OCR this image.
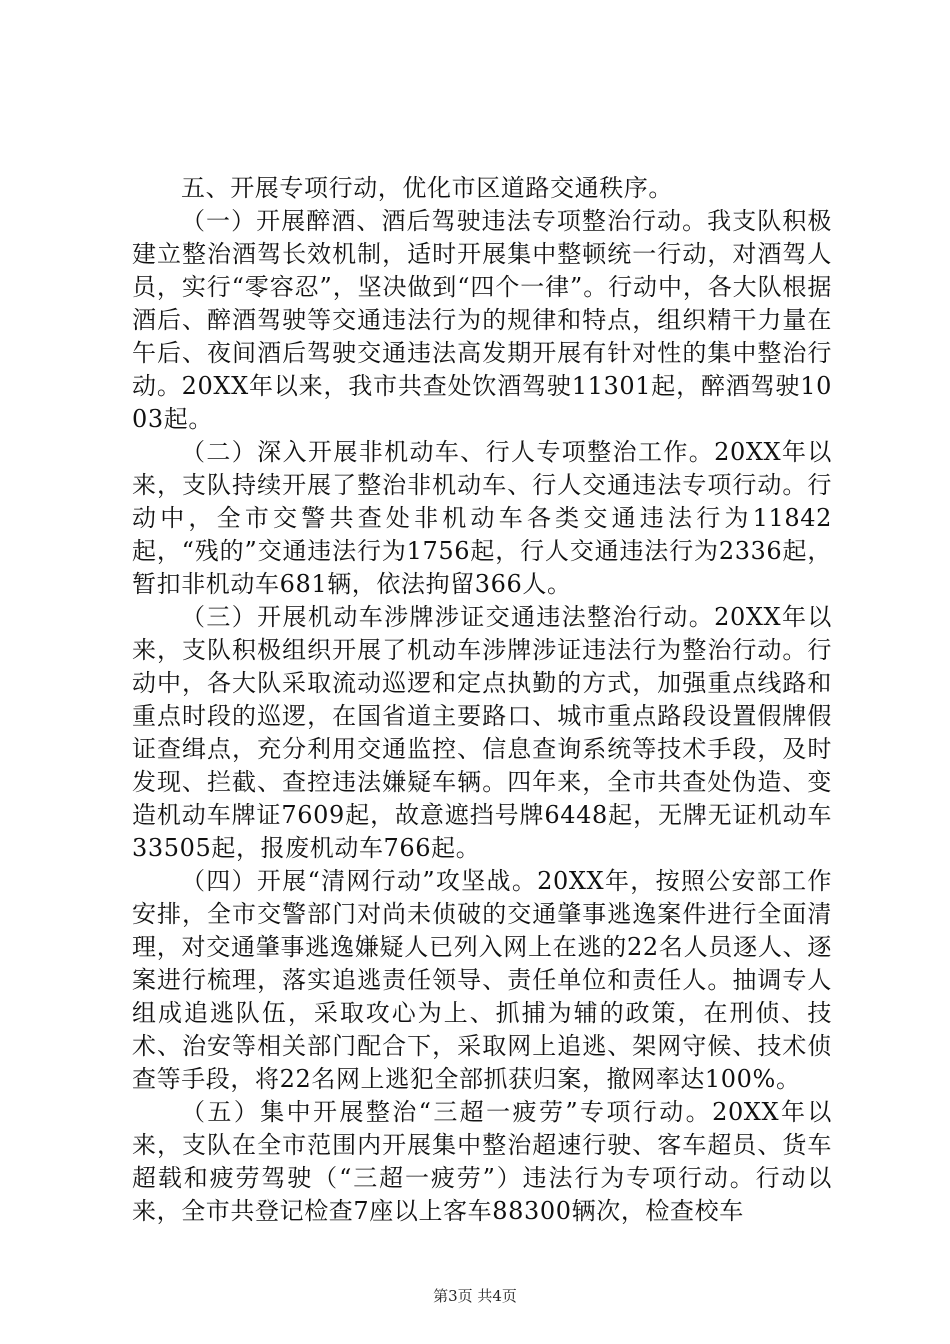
五、开展专项行动，优化市区道路交通秩序。

（一）开展醉酒、酒后驾驶违法专项整治行动。我支队积极建立整治酒驾长效机制，适时开展集中整顿统一行动，对酒驾人员，实行“零容忍”，坚决做到“四个一律”。行动中，各大队根据酒后、醉酒驾驶等交通违法行为的规律和特点，组织精干力量在午后、夜间酒后驾驶交通违法高发期开展有针对性的集中整治行动。20XX年以来，我市共查处饮酒驾驶11301起，醉酒驾驶1003起。

（二）深入开展非机动车、行人专项整治工作。20XX年以来，支队持续开展了整治非机动车、行人交通违法专项行动。行动中，全市交警共查处非机动车各类交通违法行为11842起，“残的”交通违法行为1756起，行人交通违法行为2336起，暂扣非机动车681辆，依法拘留366人。

（三）开展机动车涉牌涉证交通违法整治行动。20XX年以来，支队积极组织开展了机动车涉牌涉证违法行为整治行动。行动中，各大队采取流动巡逻和定点执勤的方式，加强重点线路和重点时段的巡逻，在国省道主要路口、城市重点路段设置假牌假证查缉点，充分利用交通监控、信息查询系统等技术手段，及时发现、拦截、查控违法嫌疑车辆。四年来，全市共查处伪造、变造机动车牌证7609起，故意遮挡号牌6448起，无牌无证机动车33505起，报废机动车766起。

（四）开展“清网行动”攻坚战。20XX年，按照公安部工作安排，全市交警部门对尚未侦破的交通肇事逃逸案件进行全面清理，对交通肇事逃逸嫌疑人已列入网上在逃的22名人员逐人、逐案进行梳理，落实追逃责任领导、责任单位和责任人。抽调专人组成追逃队伍，采取攻心为上、抓捕为辅的政策，在刑侦、技术、治安等相关部门配合下，采取网上追逃、架网守候、技术侦查等手段，将22名网上逃犯全部抓获归案，撤网率达100%。

（五）集中开展整治“三超一疲劳”专项行动。20XX年以来，支队在全市范围内开展集中整治超速行驶、客车超员、货车超载和疲劳驾驶（“三超一疲劳”）违法行为专项行动。行动以来，全市共登记检查7座以上客车88300辆次，检查校车

第3页 共4页
